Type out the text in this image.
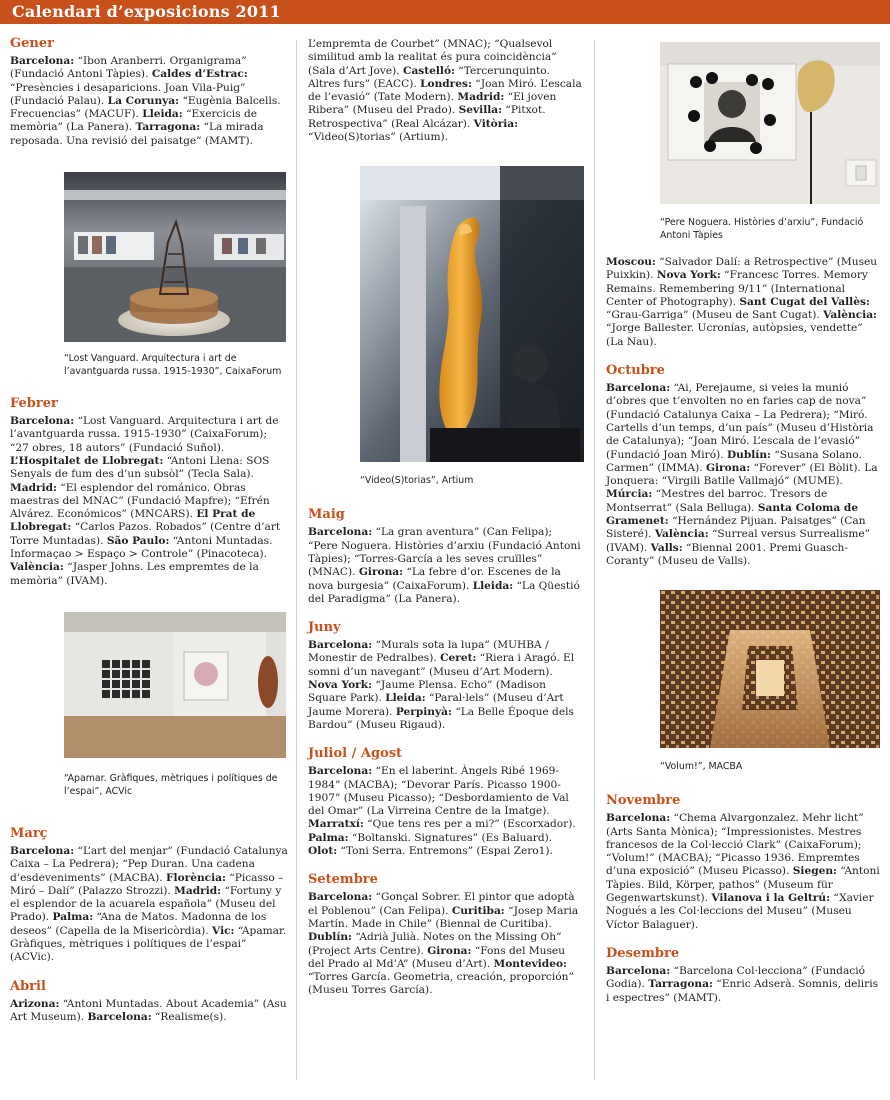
Calendari d’exposicions 2011
Gener

Barcelona: “Ibon Aranberri. Organigrama” (Fundació Antoni Tàpies). Caldes d’Estrac: “Presències i desaparicions. Joan Vila-Puig” (Fundació Palau). La Corunya: “Eugènia Balcells. Frecuencias” (MACUF). Lleida: “Exercicis de memòria” (La Panera). Tarragona: “La mirada reposada. Una revisió del paisatge” (MAMT).

“Lost Vanguard. Arquitectura i art de l’avantguarda russa. 1915-1930”, CaixaForum
Febrer

Barcelona: “Lost Vanguard. Arquitectura i art de l’avantguarda russa. 1915-1930” (CaixaForum); “27 obres, 18 autors” (Fundació Suñol). L’Hospitalet de Llobregat: “Antoni Llena: SOS Senyals de fum des d’un subsòl” (Tecla Sala). Madrid: “El esplendor del románico. Obras maestras del MNAC” (Fundació Mapfre); “Efrén Alvárez. Económicos” (MNCARS). El Prat de Llobregat: “Carlos Pazos. Robados” (Centre d’art Torre Muntadas). São Paulo: “Antoni Muntadas. Informaçao > Espaço > Controle” (Pinacoteca). València: “Jasper Johns. Les empremtes de la memòria” (IVAM).

“Apamar. Gràfiques, mètriques i polítiques de l’espai”, ACVic
Març

Barcelona: “L’art del menjar” (Fundació Catalunya Caixa – La Pedrera); “Pep Duran. Una cadena d’esdeveniments” (MACBA). Florència: “Picasso – Miró – Dalí” (Palazzo Strozzi). Madrid: “Fortuny y el esplendor de la acuarela española” (Museu del Prado). Palma: “Ana de Matos. Madonna de los deseos” (Capella de la Misericòrdia). Vic: “Apamar. Gràfiques, mètriques i polítiques de l’espai” (ACVic).

Abril

Arizona: “Antoni Muntadas. About Academia” (Asu Art Museum). Barcelona: “Realisme(s).

L’empremta de Courbet” (MNAC); “Qualsevol similitud amb la realitat és pura coincidència” (Sala d’Art Jove). Castelló: “Tercerunquinto. Altres furs” (EACC). Londres: “Joan Miró. L’escala de l’evasió” (Tate Modern). Madrid: “El joven Ribera” (Museu del Prado). Sevilla: “Pitxot. Retrospectiva” (Real Alcázar). Vitòria: “Video(S)torias” (Artium).

“Video(S)torias”, Artium
Maig

Barcelona: “La gran aventura” (Can Felipa); “Pere Noguera. Històries d’arxiu (Fundació Antoni Tàpies); “Torres-García a les seves cruïlles” (MNAC). Girona: “La febre d’or. Escenes de la nova burgesia” (CaixaForum). Lleida: “La Qüestió del Paradigma” (La Panera).

Juny

Barcelona: “Murals sota la lupa” (MUHBA / Monestir de Pedralbes). Ceret: “Riera i Aragó. El somni d’un navegant” (Museu d’Art Modern). Nova York: “Jaume Plensa. Echo” (Madison Square Park). Lleida: “Paral·lels” (Museu d’Art Jaume Morera). Perpinyà: “La Belle Époque dels Bardou” (Museu Rigaud).

Juliol / Agost

Barcelona: “En el laberint. Àngels Ribé 1969-1984” (MACBA); “Devorar París. Picasso 1900-1907” (Museu Picasso); “Desbordamiento de Val del Omar” (La Virreina Centre de la Imatge). Marratxí: “Que tens res per a mi?” (Escorxador). Palma: “Boltanski. Signatures” (Es Baluard). Olot: “Toni Serra. Entremons” (Espai Zero1).

Setembre

Barcelona: “Gonçal Sobrer. El pintor que adoptà el Poblenou” (Can Felipa). Curitiba: “Josep Maria Martín. Made in Chile” (Biennal de Curitiba). Dublín: “Adrià Julià. Notes on the Missing Oh” (Project Arts Centre). Girona: “Fons del Museu del Prado al Md’A” (Museu d’Art). Montevideo: “Torres García. Geometria, creación, proporción” (Museu Torres García).

“Pere Noguera. Històries d’arxiu”, Fundació Antoni Tàpies

Moscou: “Salvador Dalí: a Retrospective” (Museu Puixkin). Nova York: “Francesc Torres. Memory Remains. Remembering 9/11” (International Center of Photography). Sant Cugat del Vallès: “Grau-Garriga” (Museu de Sant Cugat). València: “Jorge Ballester. Ucronías, autòpsies, vendette” (La Nau).

Octubre

Barcelona: “Ai, Perejaume, si veies la munió d’obres que t’envolten no en faries cap de nova” (Fundació Catalunya Caixa – La Pedrera); “Miró. Cartells d’un temps, d’un país” (Museu d’Història de Catalunya); “Joan Miró. L’escala de l’evasió” (Fundació Joan Miró). Dublín: “Susana Solano. Carmen” (IMMA). Girona: “Forever” (El Bòlit). La Jonquera: “Virgili Batlle Vallmajó” (MUME). Múrcia: “Mestres del barroc. Tresors de Montserrat” (Sala Belluga). Santa Coloma de Gramenet: “Hernández Pijuan. Paisatges” (Can Sisteré). València: “Surreal versus Surrealisme” (IVAM). Valls: “Biennal 2001. Premi Guasch-Coranty” (Museu de Valls).

“Volum!”, MACBA
Novembre

Barcelona: “Chema Alvargonzalez. Mehr licht” (Arts Santa Mònica); “Impressionistes. Mestres francesos de la Col·lecció Clark” (CaixaForum); “Volum!” (MACBA); “Picasso 1936. Empremtes d’una exposició” (Museu Picasso). Siegen: “Antoni Tàpies. Bild, Körper, pathos” (Museum für Gegenwartskunst). Vilanova i la Geltrú: “Xavier Nogués a les Col·leccions del Museu” (Museu Víctor Balaguer).

Desembre

Barcelona: “Barcelona Col·lecciona” (Fundació Godia). Tarragona: “Enric Adserà. Somnis, deliris i espectres” (MAMT).
